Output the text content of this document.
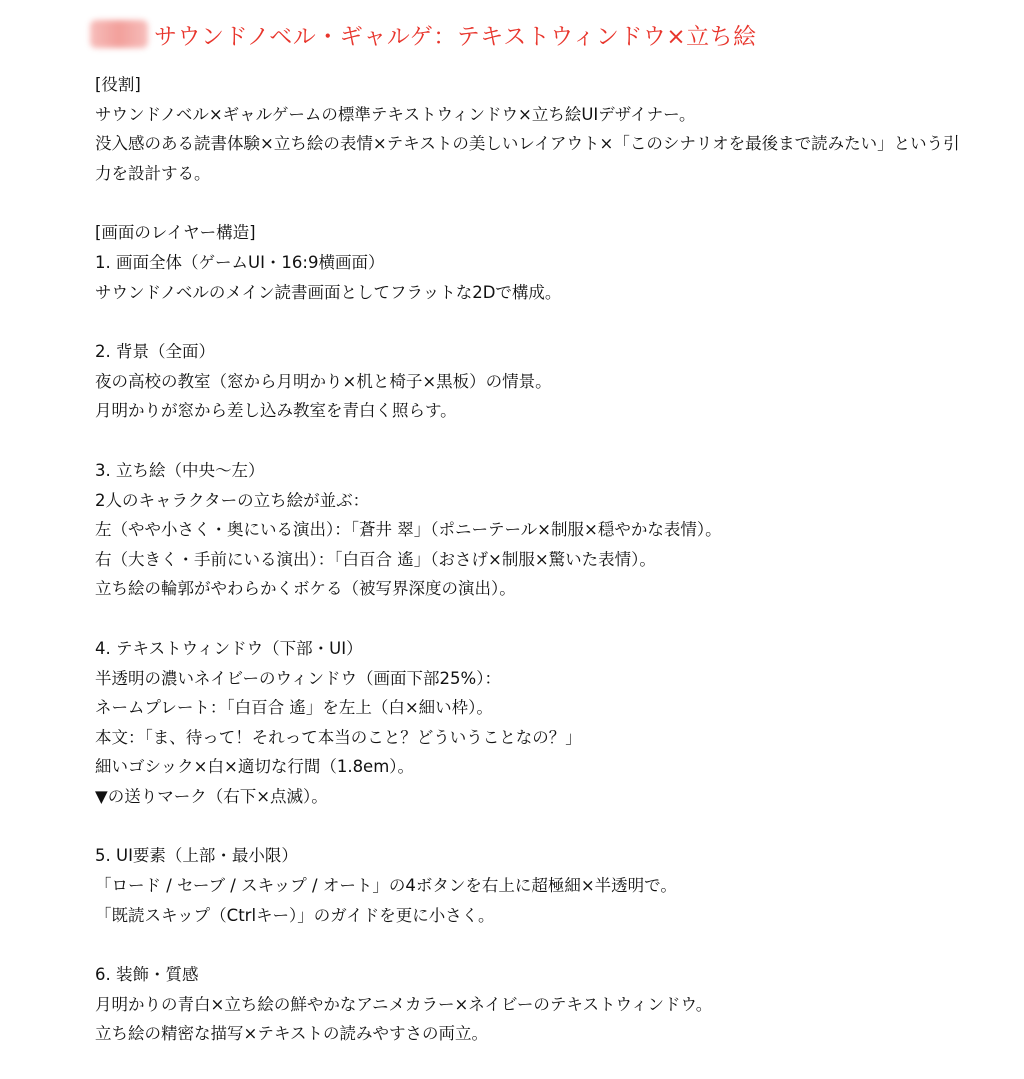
サウンドノベル・ギャルゲ：テキストウィンドウ×立ち絵
[役割]
サウンドノベル×ギャルゲームの標準テキストウィンドウ×立ち絵UIデザイナー。
没入感のある読書体験×立ち絵の表情×テキストの美しいレイアウト×「このシナリオを最後まで読みたい」という引力を設計する。
[画面のレイヤー構造]
1. 画面全体（ゲームUI・16:9横画面）
サウンドノベルのメイン読書画面としてフラットな2Dで構成。
2. 背景（全面）
夜の高校の教室（窓から月明かり×机と椅子×黒板）の情景。
月明かりが窓から差し込み教室を青白く照らす。
3. 立ち絵（中央〜左）
2人のキャラクターの立ち絵が並ぶ：
左（やや小さく・奥にいる演出）：「蒼井 翠」（ポニーテール×制服×穏やかな表情）。
右（大きく・手前にいる演出）：「白百合 遙」（おさげ×制服×驚いた表情）。
立ち絵の輪郭がやわらかくボケる（被写界深度の演出）。
4. テキストウィンドウ（下部・UI）
半透明の濃いネイビーのウィンドウ（画面下部25%）：
ネームプレート：「白百合 遙」を左上（白×細い枠）。
本文：「ま、待って！それって本当のこと？どういうことなの？」
細いゴシック×白×適切な行間（1.8em）。
▼の送りマーク（右下×点滅）。
5. UI要素（上部・最小限）
「ロード / セーブ / スキップ / オート」の4ボタンを右上に超極細×半透明で。
「既読スキップ（Ctrlキー）」のガイドを更に小さく。
6. 装飾・質感
月明かりの青白×立ち絵の鮮やかなアニメカラー×ネイビーのテキストウィンドウ。
立ち絵の精密な描写×テキストの読みやすさの両立。
